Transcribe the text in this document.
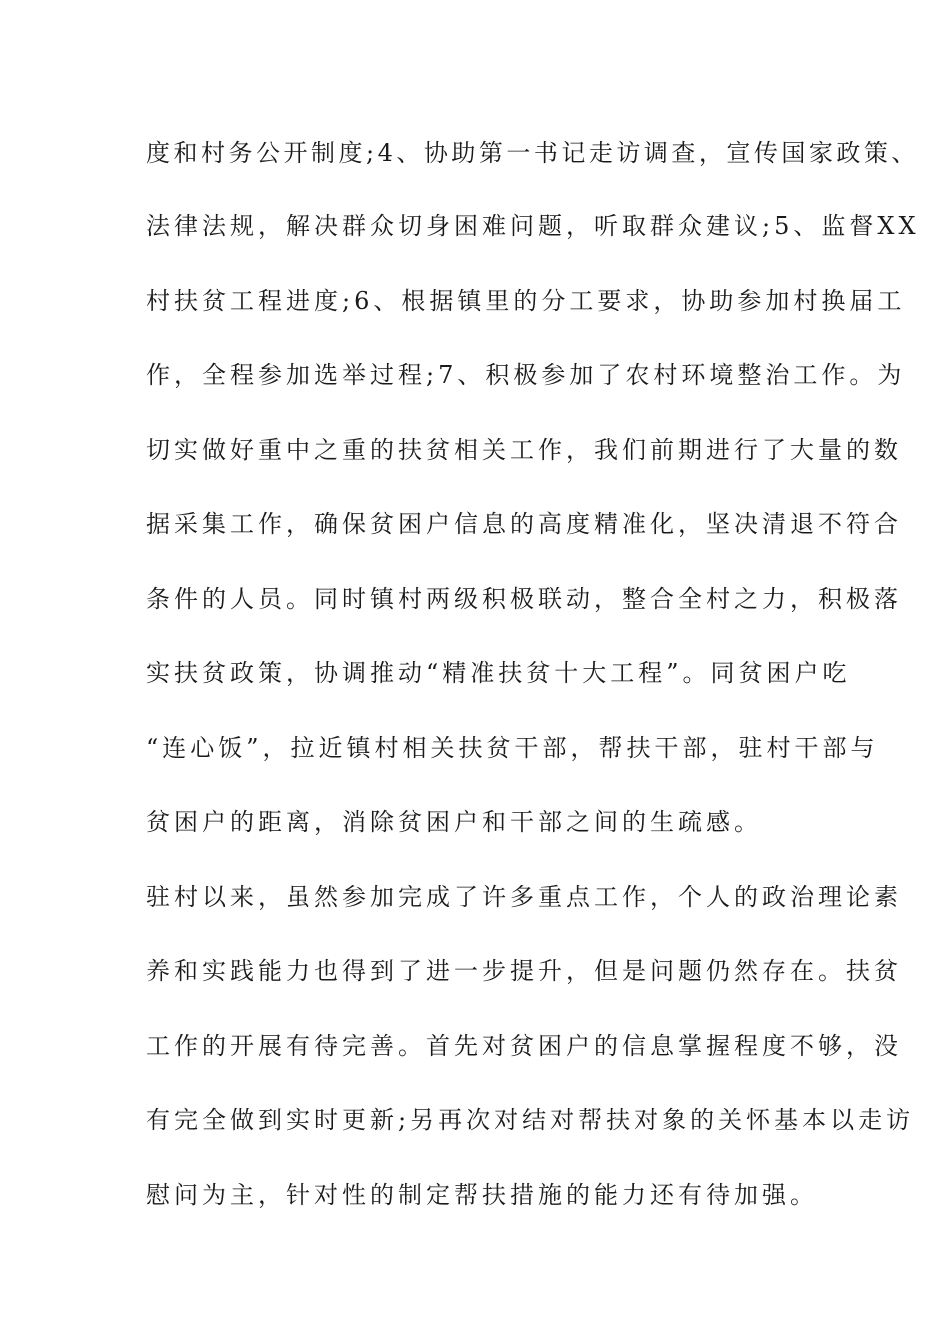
度和村务公开制度;4、协助第一书记走访调查，宣传国家政策、
法律法规，解决群众切身困难问题，听取群众建议;5、监督XX
村扶贫工程进度;6、根据镇里的分工要求，协助参加村换届工
作，全程参加选举过程;7、积极参加了农村环境整治工作。为
切实做好重中之重的扶贫相关工作，我们前期进行了大量的数
据采集工作，确保贫困户信息的高度精准化，坚决清退不符合
条件的人员。同时镇村两级积极联动，整合全村之力，积极落
实扶贫政策，协调推动“精准扶贫十大工程”。同贫困户吃
“连心饭”，拉近镇村相关扶贫干部，帮扶干部，驻村干部与
贫困户的距离，消除贫困户和干部之间的生疏感。
驻村以来，虽然参加完成了许多重点工作，个人的政治理论素
养和实践能力也得到了进一步提升，但是问题仍然存在。扶贫
工作的开展有待完善。首先对贫困户的信息掌握程度不够，没
有完全做到实时更新;另再次对结对帮扶对象的关怀基本以走访
慰问为主，针对性的制定帮扶措施的能力还有待加强。
